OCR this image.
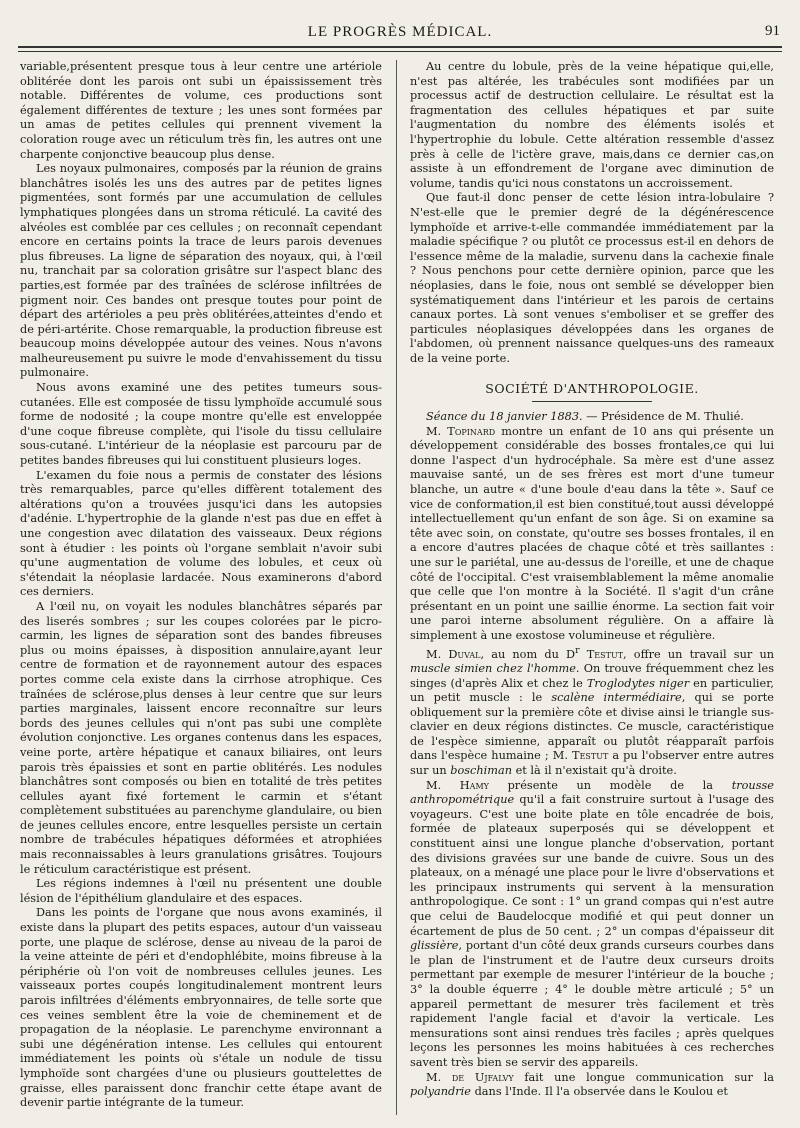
LE PROGRÈS MÉDICAL.	91

variable,présentent presque tous à leur centre une artériole oblitérée dont les parois ont subi un épaississement très notable. Différentes de volume, ces productions sont également différentes de texture ; les unes sont formées par un amas de petites cellules qui prennent vivement la coloration rouge avec un réticulum très fin, les autres ont une charpente conjonctive beaucoup plus dense.

Les noyaux pulmonaires, composés par la réunion de grains blanchâtres isolés les uns des autres par de petites lignes pigmentées, sont formés par une accumulation de cellules lymphatiques plongées dans un stroma réticulé. La cavité des alvéoles est comblée par ces cellules ; on reconnaît cependant encore en certains points la trace de leurs parois devenues plus fibreuses. La ligne de séparation des noyaux, qui, à l'œil nu, tranchait par sa coloration grisâtre sur l'aspect blanc des parties,est formée par des traînées de sclérose infiltrées de pigment noir. Ces bandes ont presque toutes pour point de départ des artérioles a peu près oblitérées,atteintes d'endo et de péri-artérite. Chose remarquable, la production fibreuse est beaucoup moins développée autour des veines. Nous n'avons malheureusement pu suivre le mode d'envahissement du tissu pulmonaire.

Nous avons examiné une des petites tumeurs sous-cutanées. Elle est composée de tissu lymphoïde accumulé sous forme de nodosité ; la coupe montre qu'elle est enveloppée d'une coque fibreuse complète, qui l'isole du tissu cellulaire sous-cutané. L'intérieur de la néoplasie est parcouru par de petites bandes fibreuses qui lui constituent plusieurs loges.

L'examen du foie nous a permis de constater des lésions très remarquables, parce qu'elles diffèrent totalement des altérations qu'on a trouvées jusqu'ici dans les autopsies d'adénie. L'hypertrophie de la glande n'est pas due en effet à une congestion avec dilatation des vaisseaux. Deux régions sont à étudier : les points où l'organe semblait n'avoir subi qu'une augmentation de volume des lobules, et ceux où s'étendait la néoplasie lardacée. Nous examinerons d'abord ces derniers.

A l'œil nu, on voyait les nodules blanchâtres séparés par des liserés sombres ; sur les coupes colorées par le picro-carmin, les lignes de séparation sont des bandes fibreuses plus ou moins épaisses, à disposition annulaire,ayant leur centre de formation et de rayonnement autour des espaces portes comme cela existe dans la cirrhose atrophique. Ces traînées de sclérose,plus denses à leur centre que sur leurs parties marginales, laissent encore reconnaître sur leurs bords des jeunes cellules qui n'ont pas subi une complète évolution conjonctive. Les organes contenus dans les espaces, veine porte, artère hépatique et canaux biliaires, ont leurs parois très épaissies et sont en partie oblitérés. Les nodules blanchâtres sont composés ou bien en totalité de très petites cellules ayant fixé fortement le carmin et s'étant complètement substituées au parenchyme glandulaire, ou bien de jeunes cellules encore, entre lesquelles persiste un certain nombre de trabécules hépatiques déformées et atrophiées mais reconnaissables à leurs granulations grisâtres. Toujours le réticulum caractéristique est présent.

Les régions indemnes à l'œil nu présentent une double lésion de l'épithélium glandulaire et des espaces.

Dans les points de l'organe que nous avons examinés, il existe dans la plupart des petits espaces, autour d'un vaisseau porte, une plaque de sclérose, dense au niveau de la paroi de la veine atteinte de péri et d'endophlébite, moins fibreuse à la périphérie où l'on voit de nombreuses cellules jeunes. Les vaisseaux portes coupés longitudinalement montrent leurs parois infiltrées d'éléments embryonnaires, de telle sorte que ces veines semblent être la voie de cheminement et de propagation de la néoplasie. Le parenchyme environnant a subi une dégénération intense. Les cellules qui entourent immédiatement les points où s'étale un nodule de tissu lymphoïde sont chargées d'une ou plusieurs gouttelettes de graisse, elles paraissent donc franchir cette étape avant de devenir partie intégrante de la tumeur.

Au centre du lobule, près de la veine hépatique qui,elle, n'est pas altérée, les trabécules sont modifiées par un processus actif de destruction cellulaire. Le résultat est la fragmentation des cellules hépatiques et par suite l'augmentation du nombre des éléments isolés et l'hypertrophie du lobule. Cette altération ressemble d'assez près à celle de l'ictère grave, mais,dans ce dernier cas,on assiste à un effondrement de l'organe avec diminution de volume, tandis qu'ici nous constatons un accroissement.

Que faut-il donc penser de cette lésion intra-lobulaire ? N'est-elle que le premier degré de la dégénérescence lymphoïde et arrive-t-elle commandée immédiatement par la maladie spécifique ? ou plutôt ce processus est-il en dehors de l'essence même de la maladie, survenu dans la cachexie finale ? Nous penchons pour cette dernière opinion, parce que les néoplasies, dans le foie, nous ont semblé se développer bien systématiquement dans l'intérieur et les parois de certains canaux portes. Là sont venues s'emboliser et se greffer des particules néoplasiques développées dans les organes de l'abdomen, où prennent naissance quelques-uns des rameaux de la veine porte.

SOCIÉTÉ D'ANTHROPOLOGIE.

Séance du 18 janvier 1883. — Présidence de M. Thulié.

M. Topinard montre un enfant de 10 ans qui présente un développement considérable des bosses frontales,ce qui lui donne l'aspect d'un hydrocéphale. Sa mère est d'une assez mauvaise santé, un de ses frères est mort d'une tumeur blanche, un autre « d'une boule d'eau dans la tête ». Sauf ce vice de conformation,il est bien constitué,tout aussi développé intellectuellement qu'un enfant de son âge. Si on examine sa tête avec soin, on constate, qu'outre ses bosses frontales, il en a encore d'autres placées de chaque côté et très saillantes : une sur le pariétal, une au-dessus de l'oreille, et une de chaque côté de l'occipital. C'est vraisemblablement la même anomalie que celle que l'on montre à la Société. Il s'agit d'un crâne présentant en un point une saillie énorme. La section fait voir une paroi interne absolument régulière. On a affaire là simplement à une exostose volumineuse et régulière.

M. Duval, au nom du $D^r$ Testut, offre un travail sur un muscle simien chez l'homme. On trouve fréquemment chez les singes (d'après Alix et chez le Troglodytes niger en particulier, un petit muscle : le scalène intermédiaire, qui se porte obliquement sur la première côte et divise ainsi le triangle sus-clavier en deux régions distinctes. Ce muscle, caractéristique de l'espèce simienne, apparaît ou plutôt réapparaît parfois dans l'espèce humaine ; M. Testut a pu l'observer entre autres sur un boschiman et là il n'existait qu'à droite.

M. Hamy présente un modèle de la trousse anthropométrique qu'il a fait construire surtout à l'usage des voyageurs. C'est une boite plate en tôle encadrée de bois, formée de plateaux superposés qui se développent et constituent ainsi une longue planche d'observation, portant des divisions gravées sur une bande de cuivre. Sous un des plateaux, on a ménagé une place pour le livre d'observations et les principaux instruments qui servent à la mensuration anthropologique. Ce sont : 1° un grand compas qui n'est autre que celui de Baudelocque modifié et qui peut donner un écartement de plus de 50 cent. ; 2° un compas d'épaisseur dit glissière, portant d'un côté deux grands curseurs courbes dans le plan de l'instrument et de l'autre deux curseurs droits permettant par exemple de mesurer l'intérieur de la bouche ; 3° la double équerre ; 4° le double mètre articulé ; 5° un appareil permettant de mesurer très facilement et très rapidement l'angle facial et d'avoir la verticale. Les mensurations sont ainsi rendues très faciles ; après quelques leçons les personnes les moins habituées à ces recherches savent très bien se servir des appareils.

M. de Ujfalvy fait une longue communication sur la polyandrie dans l'Inde. Il l'a observée dans le Koulou et
